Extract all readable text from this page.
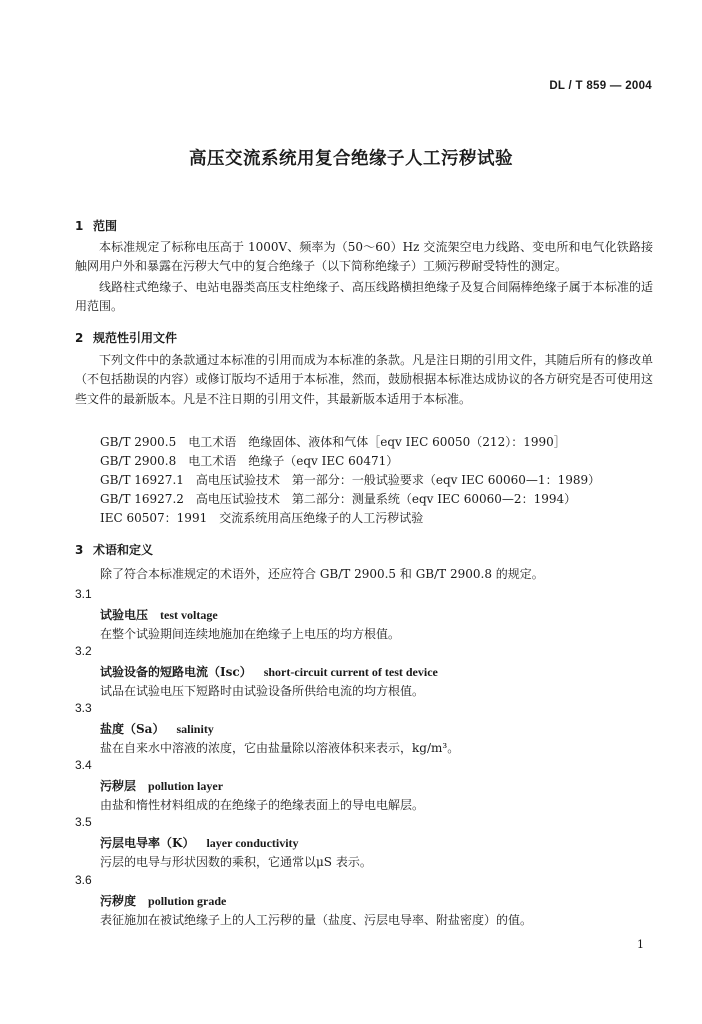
DL / T 859 — 2004
高压交流系统用复合绝缘子人工污秽试验
1 范围
本标准规定了标称电压高于 1000V、频率为（50～60）Hz 交流架空电力线路、变电所和电气化铁路接触网用户外和暴露在污秽大气中的复合绝缘子（以下简称绝缘子）工频污秽耐受特性的测定。
线路柱式绝缘子、电站电器类高压支柱绝缘子、高压线路横担绝缘子及复合间隔棒绝缘子属于本标准的适用范围。
2 规范性引用文件
下列文件中的条款通过本标准的引用而成为本标准的条款。凡是注日期的引用文件，其随后所有的修改单（不包括勘误的内容）或修订版均不适用于本标准，然而，鼓励根据本标准达成协议的各方研究是否可使用这些文件的最新版本。凡是不注日期的引用文件，其最新版本适用于本标准。
GB/T 2900.5　电工术语　绝缘固体、液体和气体［eqv IEC 60050（212）：1990］
GB/T 2900.8　电工术语　绝缘子（eqv IEC 60471）
GB/T 16927.1　高电压试验技术　第一部分：一般试验要求（eqv IEC 60060—1：1989）
GB/T 16927.2　高电压试验技术　第二部分：测量系统（eqv IEC 60060—2：1994）
IEC 60507：1991　交流系统用高压绝缘子的人工污秽试验
3 术语和定义
除了符合本标准规定的术语外，还应符合 GB/T 2900.5 和 GB/T 2900.8 的规定。
3.1
试验电压 test voltage
在整个试验期间连续地施加在绝缘子上电压的均方根值。
3.2
试验设备的短路电流（Isc） short-circuit current of test device
试品在试验电压下短路时由试验设备所供给电流的均方根值。
3.3
盐度（Sa） salinity
盐在自来水中溶液的浓度，它由盐量除以溶液体积来表示，kg/m³。
3.4
污秽层 pollution layer
由盐和惰性材料组成的在绝缘子的绝缘表面上的导电电解层。
3.5
污层电导率（K） layer conductivity
污层的电导与形状因数的乘积，它通常以μS 表示。
3.6
污秽度 pollution grade
表征施加在被试绝缘子上的人工污秽的量（盐度、污层电导率、附盐密度）的值。
1
